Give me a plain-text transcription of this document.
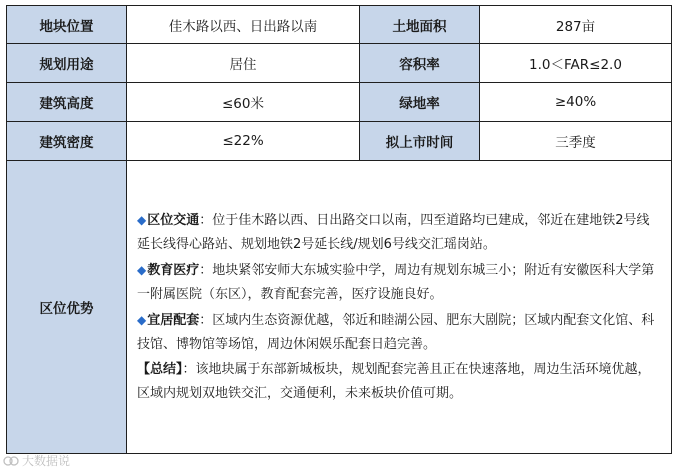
地块位置	佳木路以西、日出路以南	土地面积	287亩
规划用途	居住	容积率	1.0＜FAR≤2.0
建筑高度	≤60米	绿地率	≥40%
建筑密度	≤22%	拟上市时间	三季度
区位优势	◆区位交通：位于佳木路以西、日出路交口以南，四至道路均已建成，邻近在建地铁2号线延长线得心路站、规划地铁2号延长线/规划6号线交汇瑶岗站。
◆教育医疗：地块紧邻安师大东城实验中学，周边有规划东城三小；附近有安徽医科大学第一附属医院（东区），教育配套完善，医疗设施良好。
◆宜居配套：区域内生态资源优越，邻近和睦湖公园、肥东大剧院；区域内配套文化馆、科技馆、博物馆等场馆，周边休闲娱乐配套日趋完善。
【总结】：该地块属于东部新城板块，规划配套完善且正在快速落地，周边生活环境优越，区域内规划双地铁交汇，交通便利，未来板块价值可期。		
大数据说
